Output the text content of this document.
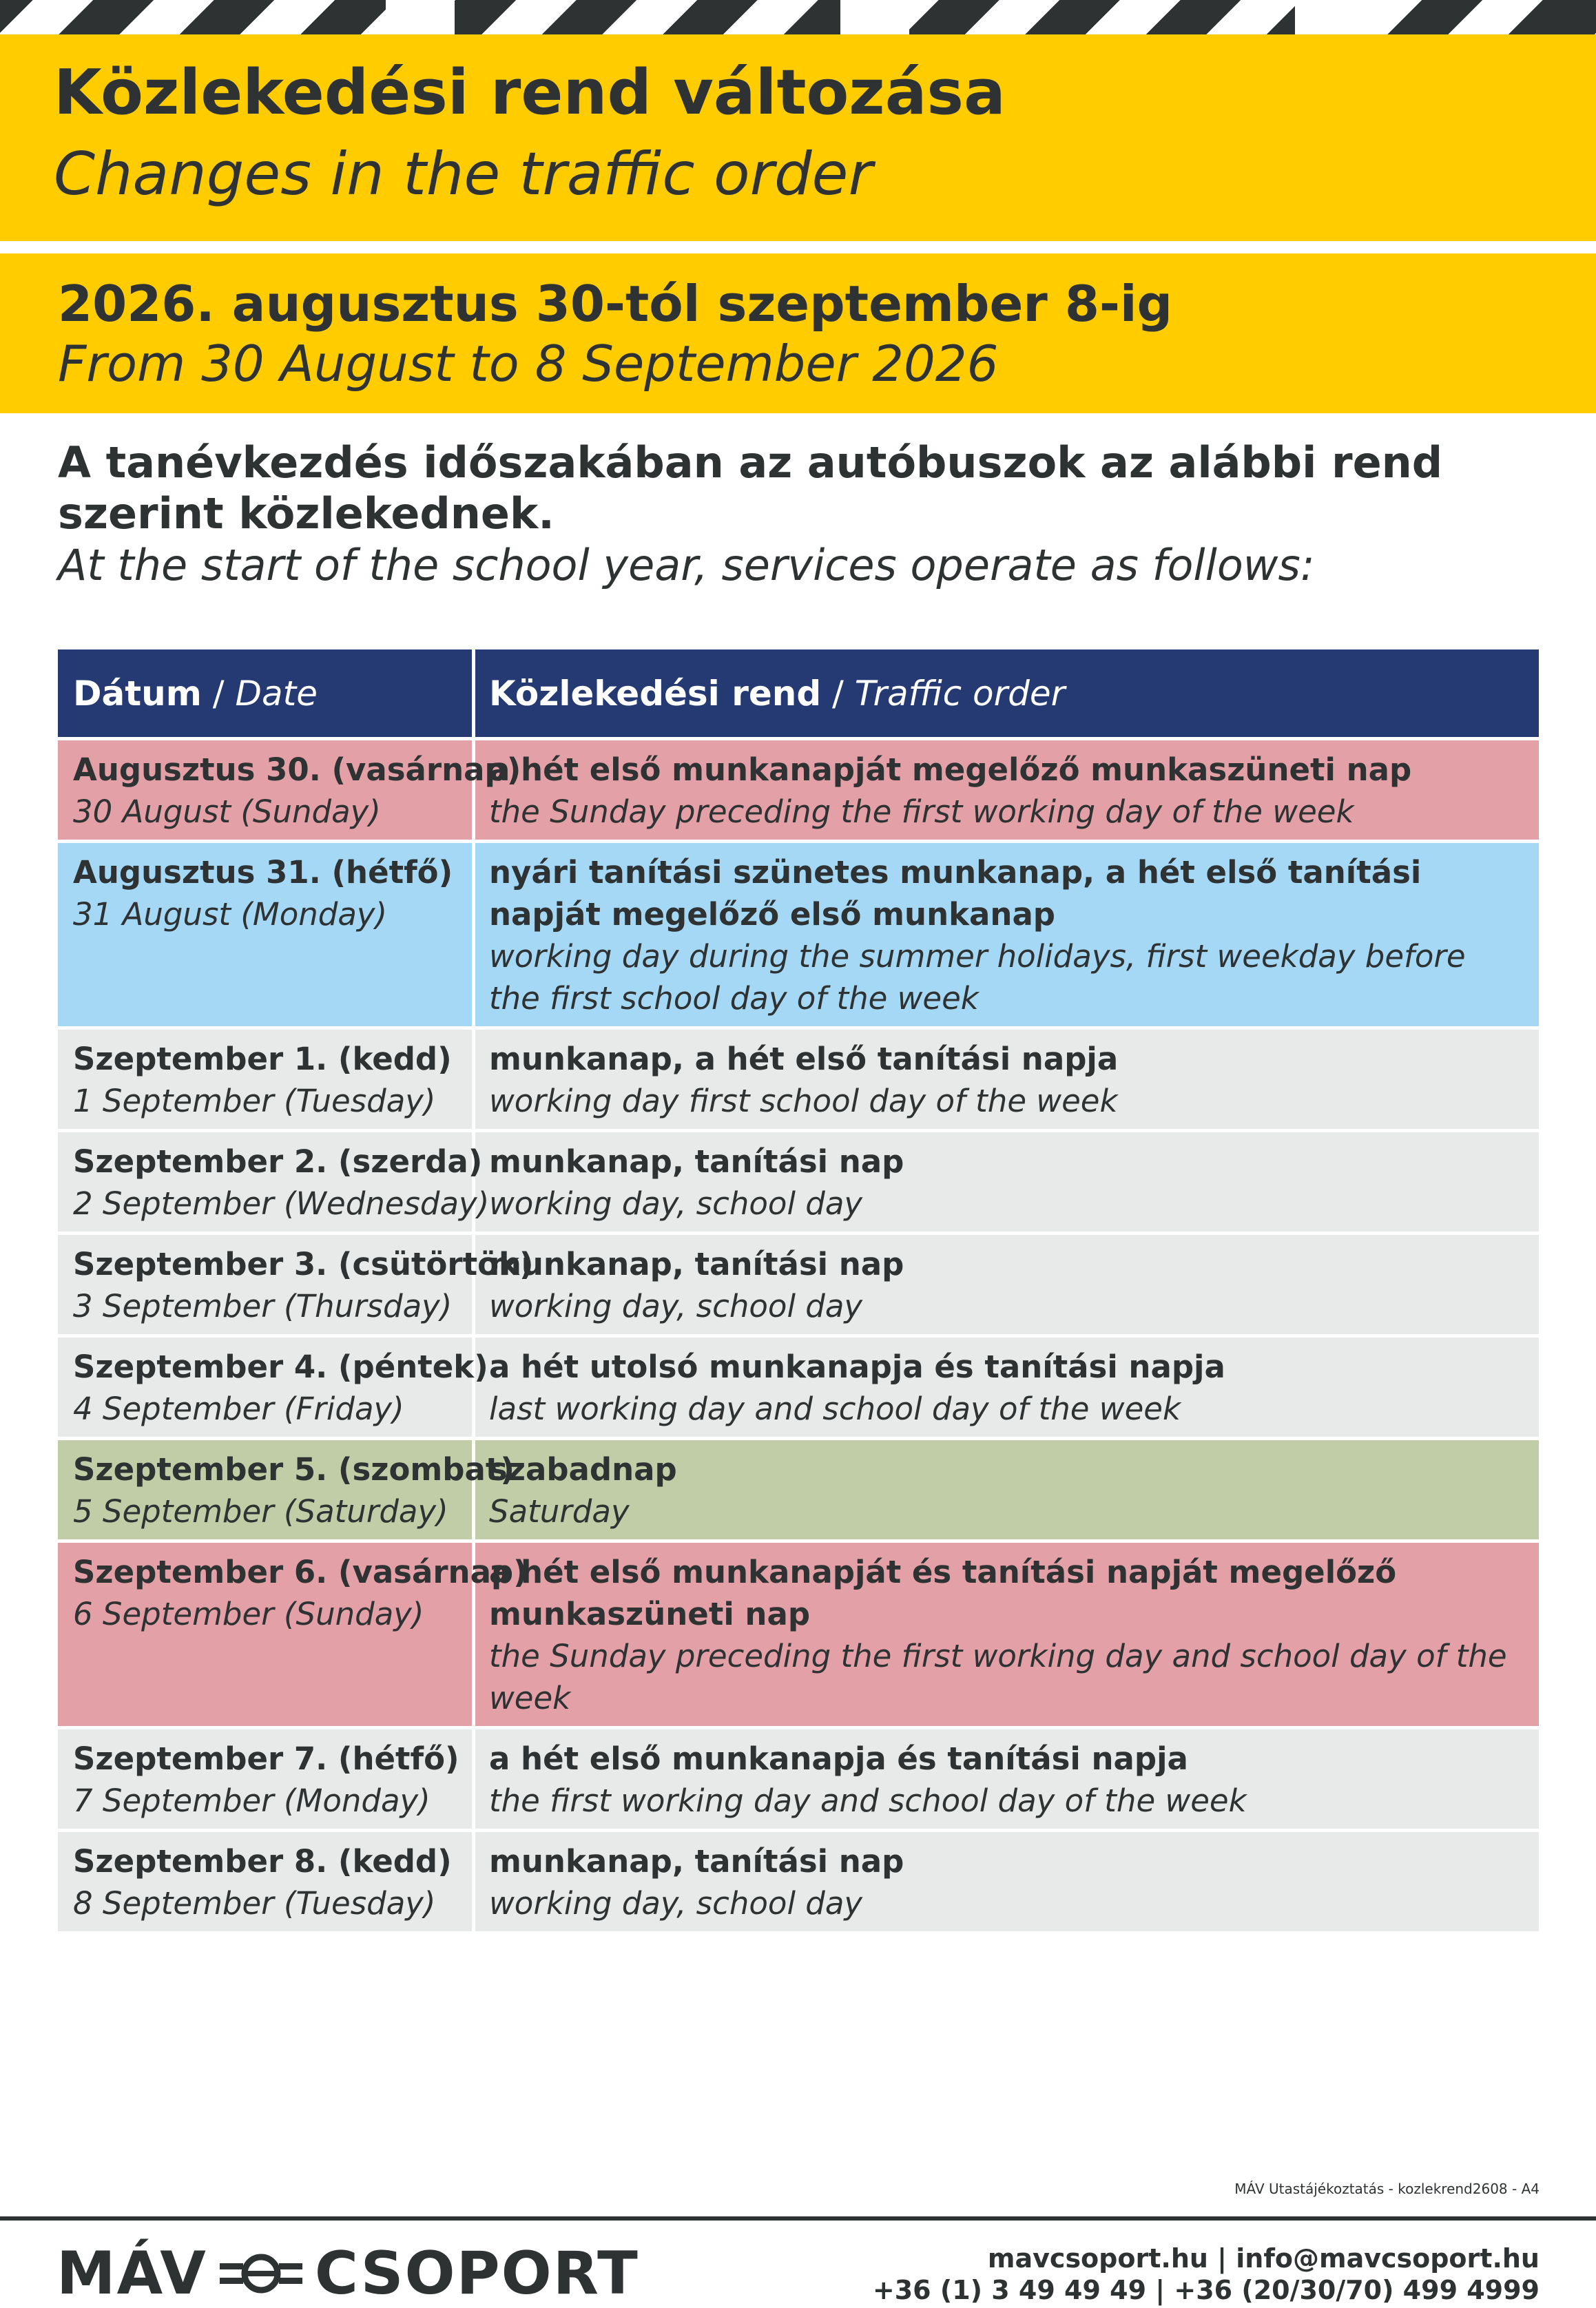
Közlekedési rend változása
Changes in the traffic order
2026. augusztus 30-tól szeptember 8-ig
From 30 August to 8 September 2026
A tanévkezdés időszakában az autóbuszok az alábbi rend szerint közlekednek.
At the start of the school year, services operate as follows:
Dátum / Date	Közlekedési rend / Traffic order
Augusztus 30. (vasárnap)
30 August (Sunday)
a hét első munkanapját megelőző munkaszüneti nap
the Sunday preceding the first working day of the week
Augusztus 31. (hétfő)
31 August (Monday)
nyári tanítási szünetes munkanap, a hét első tanítási napját megelőző első munkanap
working day during the summer holidays, first weekday before the first school day of the week
Szeptember 1. (kedd)
1 September (Tuesday)
munkanap, a hét első tanítási napja
working day first school day of the week
Szeptember 2. (szerda)
2 September (Wednesday)
munkanap, tanítási nap
working day, school day
Szeptember 3. (csütörtök)
3 September (Thursday)
munkanap, tanítási nap
working day, school day
Szeptember 4. (péntek)
4 September (Friday)
a hét utolsó munkanapja és tanítási napja
last working day and school day of the week
Szeptember 5. (szombat)
5 September (Saturday)
szabadnap
Saturday
Szeptember 6. (vasárnap)
6 September (Sunday)
a hét első munkanapját és tanítási napját megelőző munkaszüneti nap
the Sunday preceding the first working day and school day of the week
Szeptember 7. (hétfő)
7 September (Monday)
a hét első munkanapja és tanítási napja
the first working day and school day of the week
Szeptember 8. (kedd)
8 September (Tuesday)
munkanap, tanítási nap
working day, school day
MÁV Utastájékoztatás - kozlekrend2608 - A4
MÁV CSOPORT	mavcsoport.hu | info@mavcsoport.hu
+36 (1) 3 49 49 49 | +36 (20/30/70) 499 4999
